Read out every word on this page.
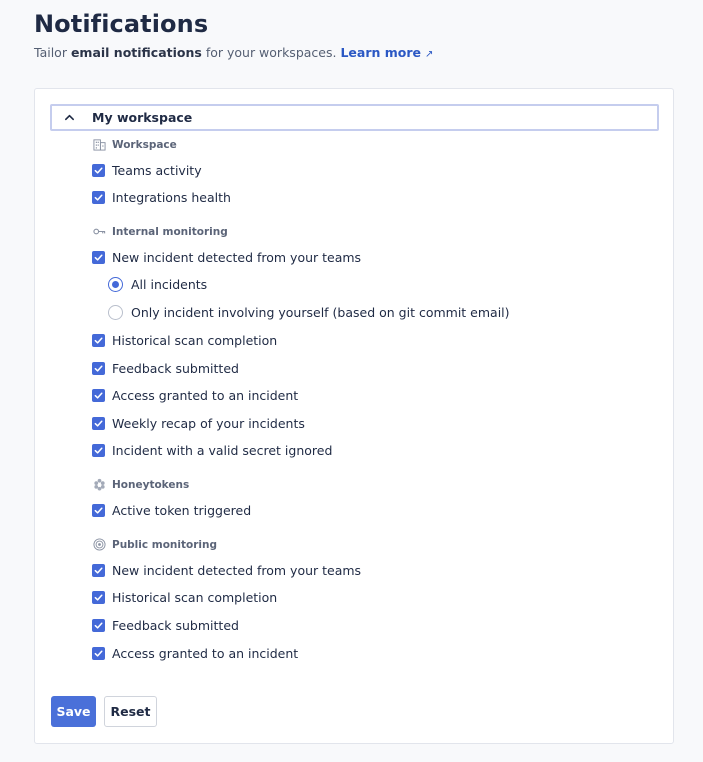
Notifications

Tailor email notifications for your workspaces. Learn more ↗

My workspace
Workspace
Teams activity
Integrations health
Internal monitoring
New incident detected from your teams
All incidents
Only incident involving yourself (based on git commit email)
Historical scan completion
Feedback submitted
Access granted to an incident
Weekly recap of your incidents
Incident with a valid secret ignored
Honeytokens
Active token triggered
Public monitoring
New incident detected from your teams
Historical scan completion
Feedback submitted
Access granted to an incident
Save	Reset
